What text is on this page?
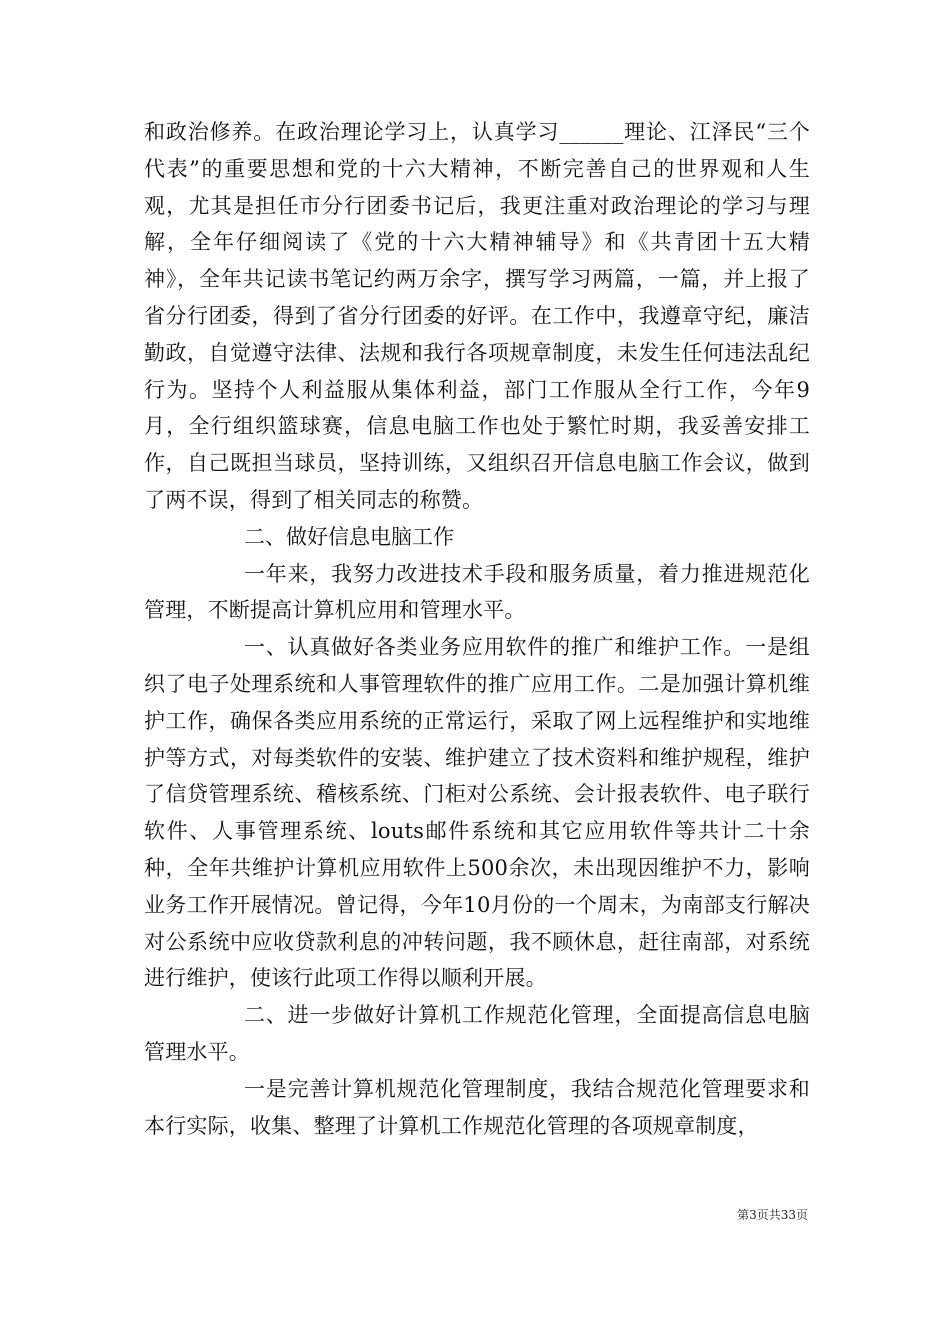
和政治修养。在政治理论学习上，认真学习______理论、江泽民“三个代表”的重要思想和党的十六大精神，不断完善自己的世界观和人生观，尤其是担任市分行团委书记后，我更注重对政治理论的学习与理解，全年仔细阅读了《党的十六大精神辅导》和《共青团十五大精神》，全年共记读书笔记约两万余字，撰写学习两篇，一篇，并上报了省分行团委，得到了省分行团委的好评。在工作中，我遵章守纪，廉洁勤政，自觉遵守法律、法规和我行各项规章制度，未发生任何违法乱纪行为。坚持个人利益服从集体利益，部门工作服从全行工作，今年9月，全行组织篮球赛，信息电脑工作也处于繁忙时期，我妥善安排工作，自己既担当球员，坚持训练，又组织召开信息电脑工作会议，做到了两不误，得到了相关同志的称赞。

二、做好信息电脑工作

一年来，我努力改进技术手段和服务质量，着力推进规范化管理，不断提高计算机应用和管理水平。

一、认真做好各类业务应用软件的推广和维护工作。一是组织了电子处理系统和人事管理软件的推广应用工作。二是加强计算机维护工作，确保各类应用系统的正常运行，采取了网上远程维护和实地维护等方式，对每类软件的安装、维护建立了技术资料和维护规程，维护了信贷管理系统、稽核系统、门柜对公系统、会计报表软件、电子联行软件、人事管理系统、louts邮件系统和其它应用软件等共计二十余种，全年共维护计算机应用软件上500余次，未出现因维护不力，影响业务工作开展情况。曾记得，今年10月份的一个周末，为南部支行解决对公系统中应收贷款利息的冲转问题，我不顾休息，赶往南部，对系统进行维护，使该行此项工作得以顺利开展。

二、进一步做好计算机工作规范化管理，全面提高信息电脑管理水平。

一是完善计算机规范化管理制度，我结合规范化管理要求和本行实际，收集、整理了计算机工作规范化管理的各项规章制度，

第3页共33页
